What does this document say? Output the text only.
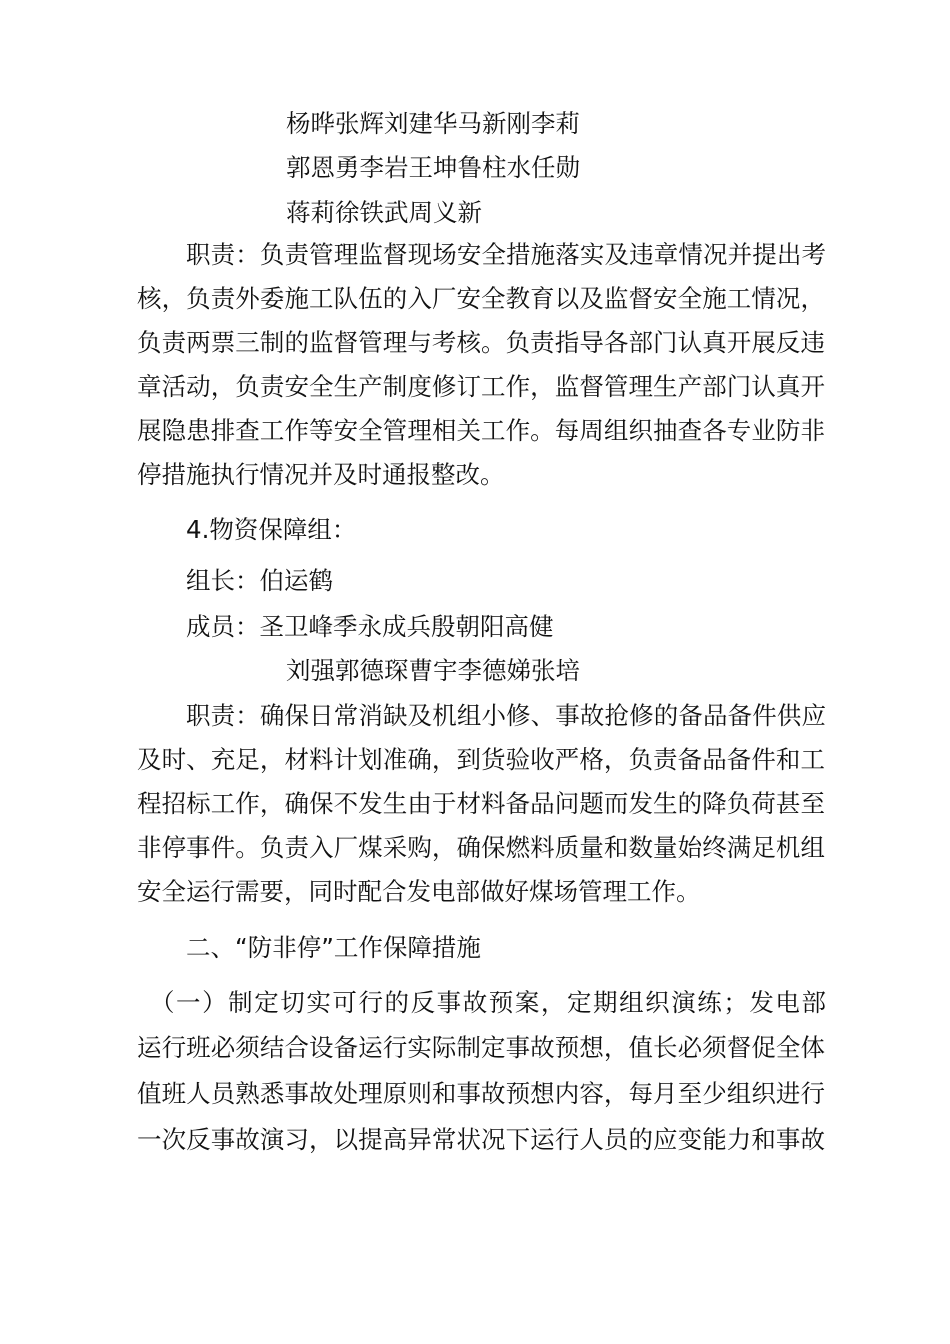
杨晔张辉刘建华马新刚李莉
郭恩勇李岩王坤鲁柱水任勋
蒋莉徐铁武周义新
职责：负责管理监督现场安全措施落实及违章情况并提出考
核，负责外委施工队伍的入厂安全教育以及监督安全施工情况，
负责两票三制的监督管理与考核。负责指导各部门认真开展反违
章活动，负责安全生产制度修订工作，监督管理生产部门认真开
展隐患排查工作等安全管理相关工作。每周组织抽查各专业防非
停措施执行情况并及时通报整改。
4.物资保障组：
组长：伯运鹤
成员：圣卫峰季永成兵殷朝阳高健
刘强郭德琛曹宇李德娣张培
职责：确保日常消缺及机组小修、事故抢修的备品备件供应
及时、充足，材料计划准确，到货验收严格，负责备品备件和工
程招标工作，确保不发生由于材料备品问题而发生的降负荷甚至
非停事件。负责入厂煤采购，确保燃料质量和数量始终满足机组
安全运行需要，同时配合发电部做好煤场管理工作。
二、“防非停”工作保障措施
（一）制定切实可行的反事故预案，定期组织演练；发电部
运行班必须结合设备运行实际制定事故预想，值长必须督促全体
值班人员熟悉事故处理原则和事故预想内容，每月至少组织进行
一次反事故演习，以提高异常状况下运行人员的应变能力和事故
